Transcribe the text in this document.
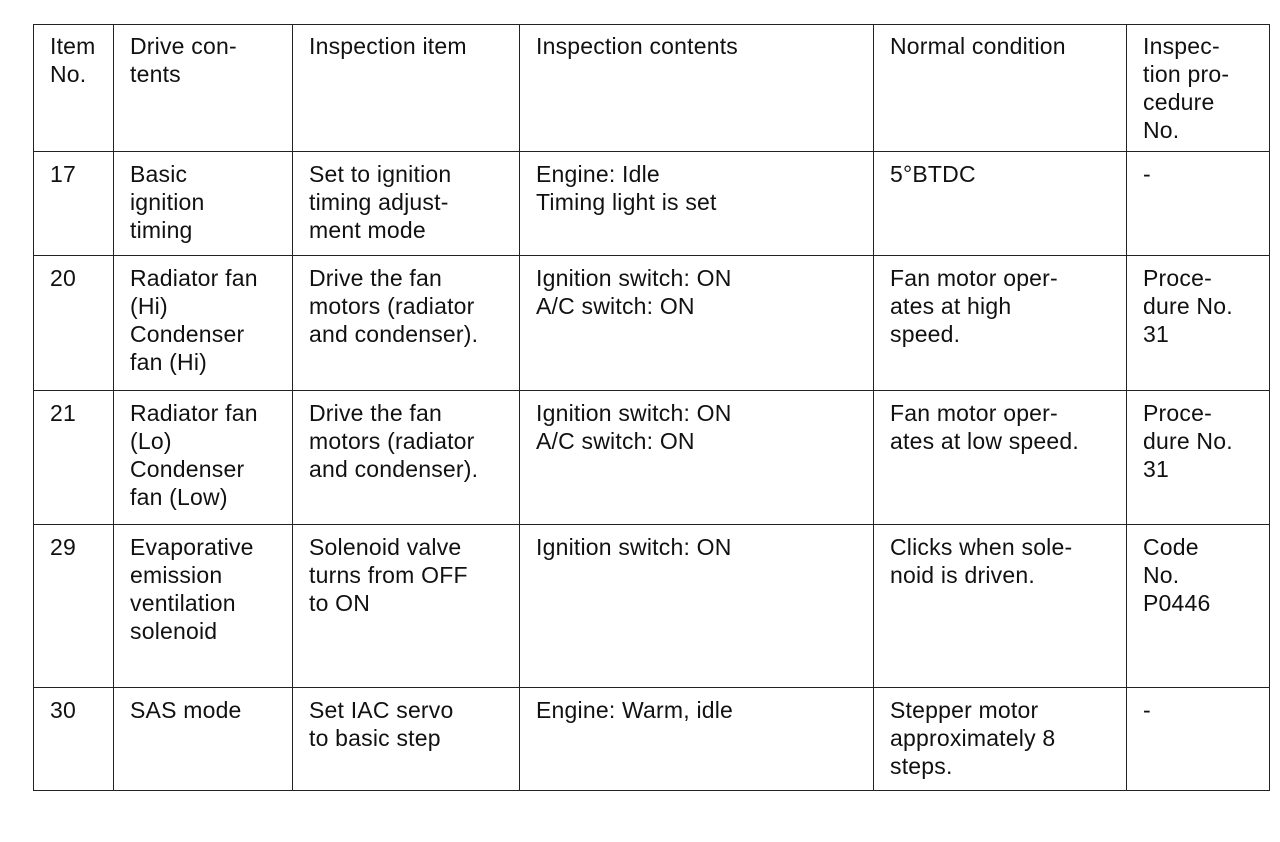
Item
No.	Drive con-
tents	Inspection item	Inspection contents	Normal condition	Inspec-
tion pro-
cedure
No.
17	Basic
ignition
timing	Set to ignition
timing adjust-
ment mode	Engine: Idle
Timing light is set	5°BTDC	-
20	Radiator fan
(Hi)
Condenser
fan (Hi)	Drive the fan
motors (radiator
and condenser).	Ignition switch: ON
A/C switch: ON	Fan motor oper-
ates at high
speed.	Proce-
dure No.
31
21	Radiator fan
(Lo)
Condenser
fan (Low)	Drive the fan
motors (radiator
and condenser).	Ignition switch: ON
A/C switch: ON	Fan motor oper-
ates at low speed.	Proce-
dure No.
31
29	Evaporative
emission
ventilation
solenoid	Solenoid valve
turns from OFF
to ON	Ignition switch: ON	Clicks when sole-
noid is driven.	Code
No.
P0446
30	SAS mode	Set IAC servo
to basic step	Engine: Warm, idle	Stepper motor
approximately 8
steps.	-
